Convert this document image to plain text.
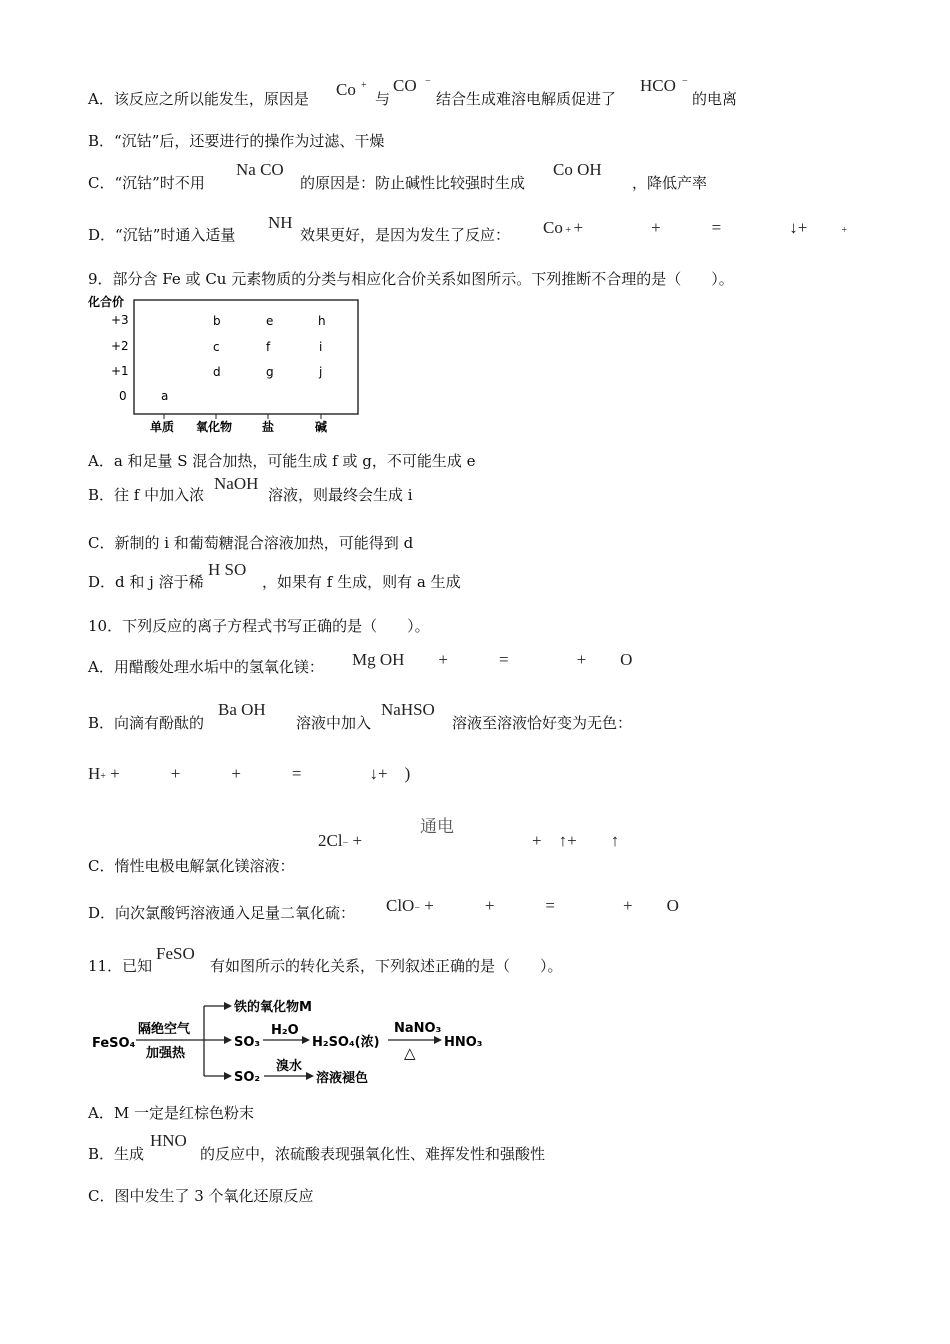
A．该反应之所以能发生，原因是 Co +
与
CO −
结合生成难溶电解质促进了
HCO −
的电离
B．“沉钴”后，还要进行的操作为过滤、干燥
C．“沉钴”时不用
Na CO
的原因是：防止碱性比较强时生成
Co OH
，降低产率
D．“沉钴”时通入适量
NH
效果更好，是因为发生了反应： Co + +　　　　+　　　=　　　　↓+　　+
9．部分含 Fe 或 Cu 元素物质的分类与相应化合价关系如图所示。下列推断不合理的是（　　）。
化合价
+3
+2
+1
0
单质 氧化物 盐	碱
a
b
c
d
e
f
g
h
i
j
A．a 和足量 S 混合加热，可能生成 f 或 g，不可能生成 e
B．往 f 中加入浓
NaOH
溶液，则最终会生成 i
C．新制的 i 和葡萄糖混合溶液加热，可能得到 d
D．d 和 j 溶于稀
H SO
，如果有 f 生成，则有 a 生成
10．下列反应的离子方程式书写正确的是（　　）。
A．用醋酸处理水垢中的氢氧化镁： Mg OH　　+　　　=　　　　+　　O
B．向滴有酚酞的
Ba OH
溶液中加入
NaHSO
溶液至溶液恰好变为无色：
H+ +　　　+　　　+　　　=　　　　↓+　)
通电
2Cl− +　　　　　　　　　　+　↑+　　↑
C．惰性电极电解氯化镁溶液：
D．向次氯酸钙溶液通入足量二氧化硫： ClO− +　　　+　　　=　　　　+　　O
11．已知
FeSO
有如图所示的转化关系，下列叙述正确的是（　　）。
FeSO₄
隔绝空气
加强热
铁的氧化物M
SO₃
H₂O
H₂SO₄(浓)
NaNO₃
△
HNO₃
SO₂
溴水
溶液褪色
A．M 一定是红棕色粉末
B．生成
HNO
的反应中，浓硫酸表现强氧化性、难挥发性和强酸性
C．图中发生了 3 个氧化还原反应
